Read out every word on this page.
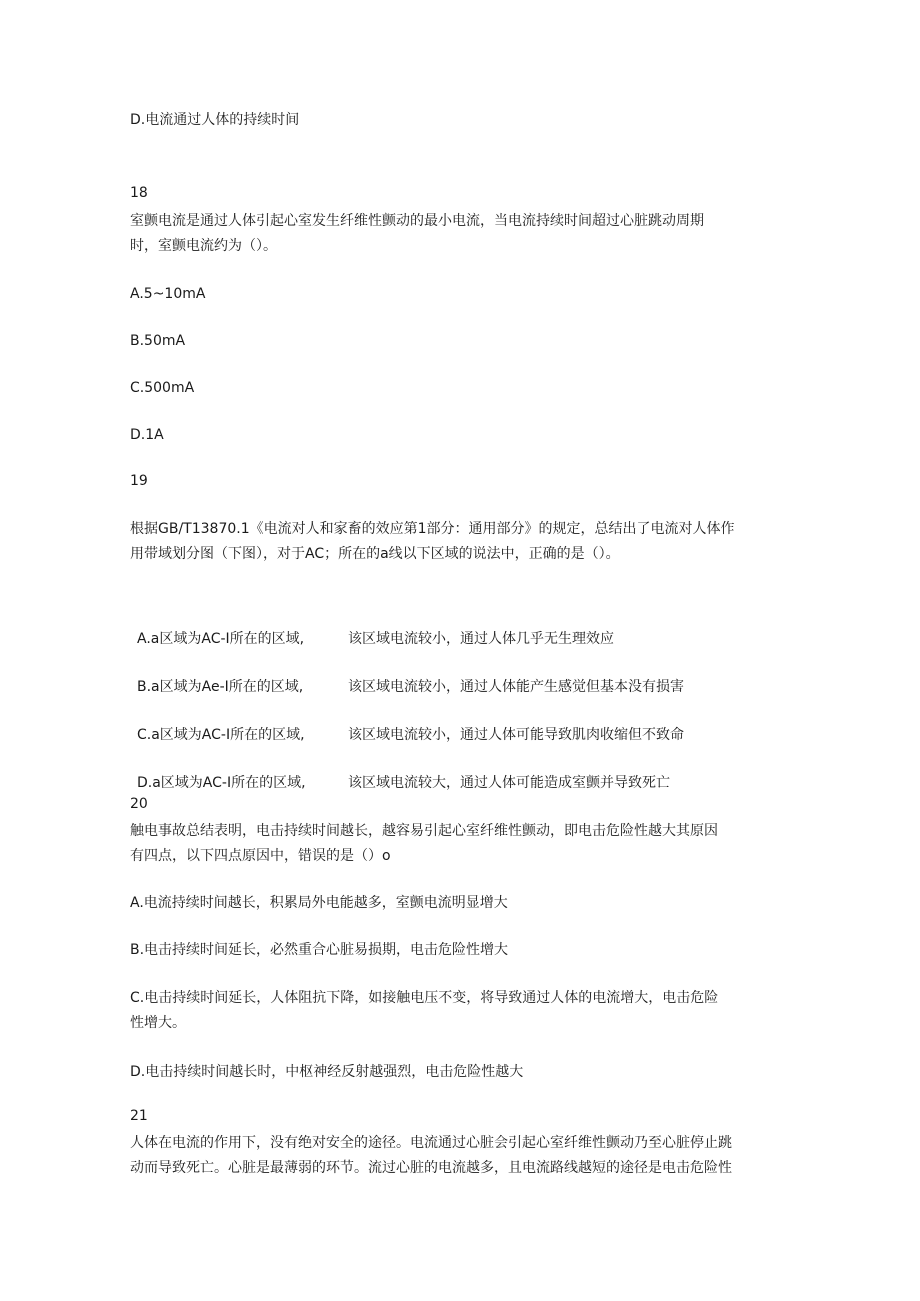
D.电流通过人体的持续时间
18
室颤电流是通过人体引起心室发生纤维性颤动的最小电流，当电流持续时间超过心脏跳动周期
时，室颤电流约为（）。
A.5~10mA
B.50mA
C.500mA
D.1A
19
根据GB/T13870.1《电流对人和家畜的效应第1部分：通用部分》的规定，总结出了电流对人体作
用带域划分图（下图），对于AC；所在的a线以下区域的说法中，正确的是（）。
A.a区域为AC-I所在的区域,	该区域电流较小，通过人体几乎无生理效应
B.a区域为Ae-I所在的区域,	该区域电流较小，通过人体能产生感觉但基本没有损害
C.a区域为AC-I所在的区域,	该区域电流较小，通过人体可能导致肌肉收缩但不致命
D.a区域为AC-I所在的区域,	该区域电流较大，通过人体可能造成室颤并导致死亡
20
触电事故总结表明，电击持续时间越长，越容易引起心室纤维性颤动，即电击危险性越大其原因
有四点，以下四点原因中，错误的是（）o
A.电流持续时间越长，积累局外电能越多，室颤电流明显增大
B.电击持续时间延长，必然重合心脏易损期，电击危险性增大
C.电击持续时间延长，人体阻抗下降，如接触电压不变，将导致通过人体的电流增大，电击危险
性增大。
D.电击持续时间越长时，中枢神经反射越强烈，电击危险性越大
21
人体在电流的作用下，没有绝对安全的途径。电流通过心脏会引起心室纤维性颤动乃至心脏停止跳
动而导致死亡。心脏是最薄弱的环节。流过心脏的电流越多，且电流路线越短的途径是电击危险性
